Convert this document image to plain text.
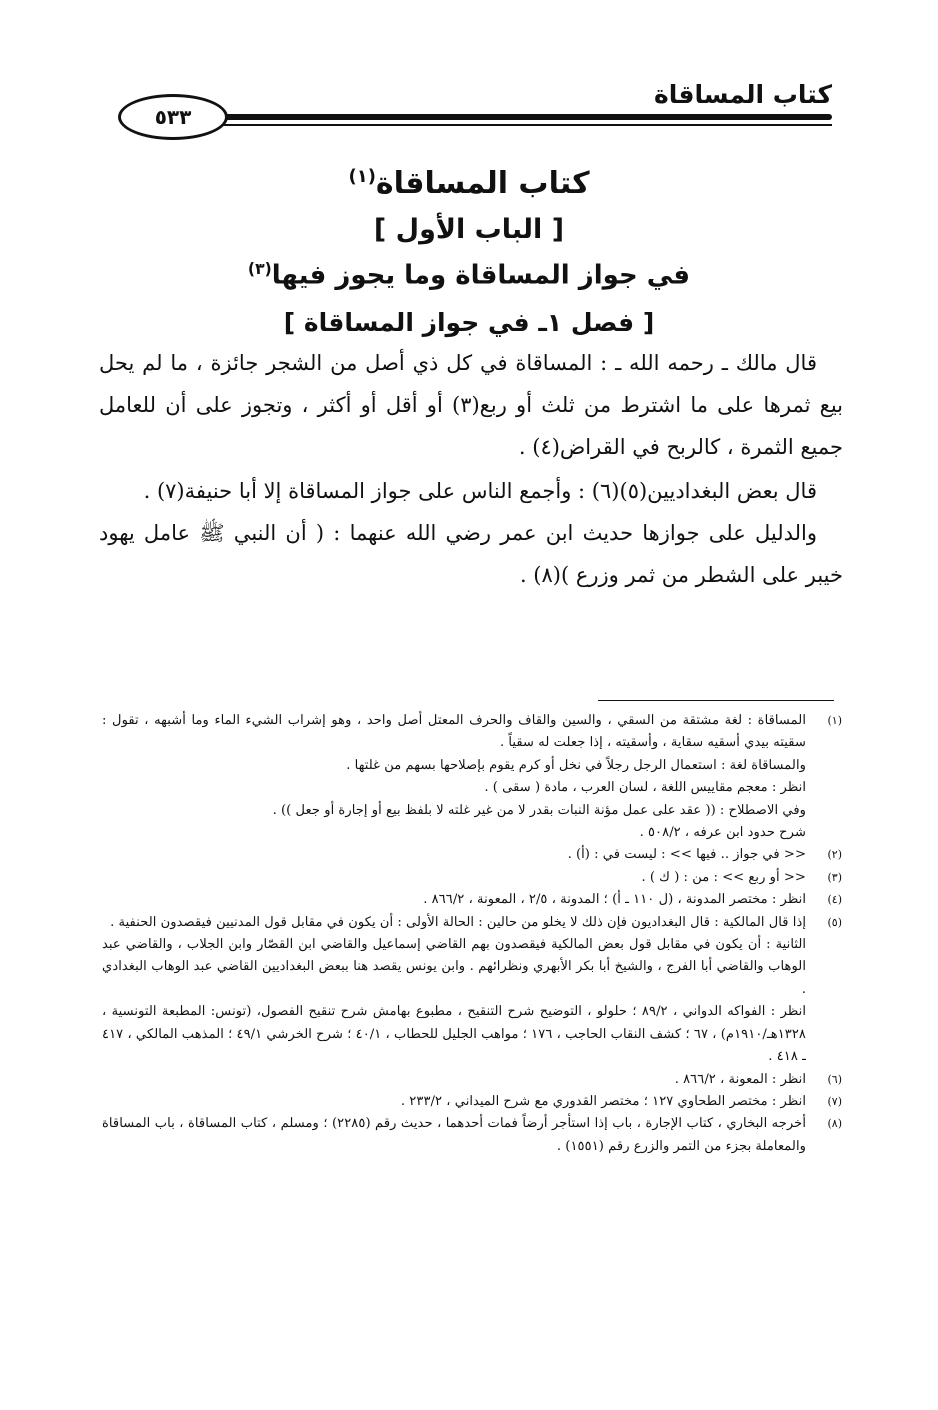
كتاب المساقاة
٥٣٣
كتاب المساقاة$^{(١)}$
[ الباب الأول ]
في جواز المساقاة وما يجوز فيها$^{(٣)}$
[ فصل ١ـ في جواز المساقاة ]
قال مالك ـ رحمه الله ـ : المساقاة في كل ذي أصل من الشجر جائزة ، ما لم يحل بيع ثمرها على ما اشترط من ثلث أو ربع(٣) أو أقل أو أكثر ، وتجوز على أن للعامل جميع الثمرة ، كالربح في القراض(٤) .
قال بعض البغداديين(٥)(٦) : وأجمع الناس على جواز المساقاة إلا أبا حنيفة(٧) .
والدليل على جوازها حديث ابن عمر رضي الله عنهما : ( أن النبي ﷺ عامل يهود خيبر على الشطر من ثمر وزرع )(٨) .
(١)
المساقاة : لغة مشتقة من السقي ، والسين والقاف والحرف المعتل أصل واحد ، وهو إشراب الشيء الماء وما أشبهه ، تقول : سقيته بيدي أسقيه سقاية ، وأسقيته ، إذا جعلت له سقياً .
والمساقاة لغة : استعمال الرجل رجلاً في نخل أو كرم يقوم بإصلاحها بسهم من غلتها .
انظر : معجم مقاييس اللغة ، لسان العرب ، مادة ( سقى ) .
وفي الاصطلاح : (( عقد على عمل مؤنة النبات بقدر لا من غير غلته لا بلفظ بيع أو إجارة أو جعل )) .
شرح حدود ابن عرفه ، ٥٠٨/٢ .
(٢)
<< في جواز .. فيها >> : ليست في : (أ) .
(٣)
<< أو ربع >> : من : ( ك ) .
(٤)
انظر : مختصر المدونة ، (ل ١١٠ ـ أ) ؛ المدونة ، ٢/٥ ، المعونة ، ٨٦٦/٢ .
(٥)
إذا قال المالكية : قال البغداديون فإن ذلك لا يخلو من حالين : الحالة الأولى : أن يكون في مقابل قول المدنيين فيقصدون الحنفية .
الثانية : أن يكون في مقابل قول بعض المالكية فيقصدون بهم القاضي إسماعيل والقاضي ابن القصّار وابن الجلاب ، والقاضي عبد الوهاب والقاضي أبا الفرج ، والشيخ أبا بكر الأبهري ونظرائهم . وابن يونس يقصد هنا ببعض البغداديين القاضي عبد الوهاب البغدادي .
انظر : الفواكه الدواني ، ٨٩/٢ ؛ حلولو ، التوضيح شرح التنقيح ، مطبوع بهامش شرح تنقيح الفصول، (تونس: المطبعة التونسية ، ١٣٢٨هـ/١٩١٠م) ، ٦٧ ؛ كشف النقاب الحاجب ، ١٧٦ ؛ مواهب الجليل للحطاب ، ٤٠/١ ؛ شرح الخرشي ٤٩/١ ؛ المذهب المالكي ، ٤١٧ ـ ٤١٨ .
(٦)
انظر : المعونة ، ٨٦٦/٢ .
(٧)
انظر : مختصر الطحاوي ١٢٧ ؛ مختصر القدوري مع شرح الميداني ، ٢٣٣/٢ .
(٨)
أخرجه البخاري ، كتاب الإجارة ، باب إذا استأجر أرضاً فمات أحدهما ، حديث رقم (٢٢٨٥) ؛ ومسلم ، كتاب المساقاة ، باب المساقاة والمعاملة بجزء من التمر والزرع رقم (١٥٥١) .
